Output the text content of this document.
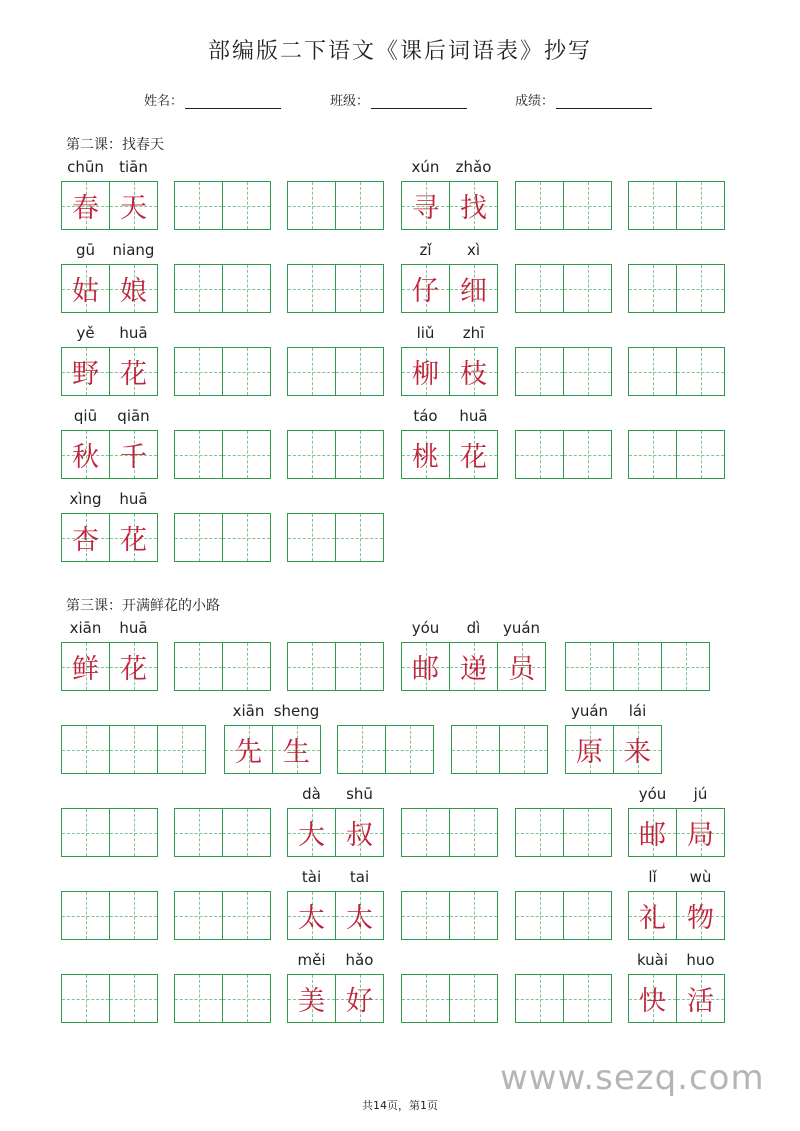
部编版二下语文《课后词语表》抄写
姓名：	班级：	成绩：
第二课：找春天
第三课：开满鲜花的小路
chūn
春
tiān
天
xún
寻
zhǎo
找
gū
姑
niang
娘
zǐ
仔
xì
细
yě
野
huā
花
liǔ
柳
zhī
枝
qiū
秋
qiān
千
táo
桃
huā
花
xìng
杏
huā
花
xiān
鲜
huā
花
yóu
邮
dì
递
yuán
员
xiān
先
sheng
生
yuán
原
lái
来
dà
大
shū
叔
yóu
邮
jú
局
tài
太
tai
太
lǐ
礼
wù
物
měi
美
hǎo
好
kuài
快
huo
活
共14页，第1页
www.sezq.com
